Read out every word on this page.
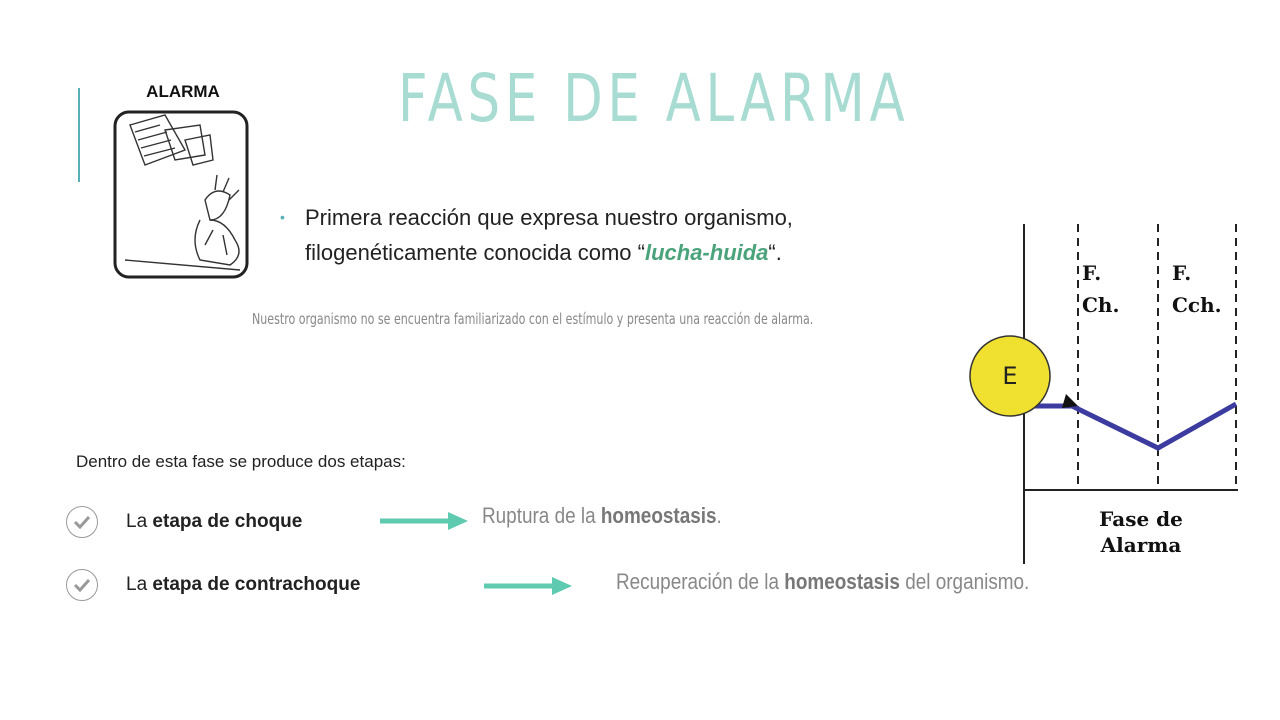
ALARMA	FASE DE ALARMA
• Primera reacción que expresa nuestro organismo, filogenéticamente conocida como “lucha-huida“.
Nuestro organismo no se encuentra familiarizado con el estímulo y presenta una reacción de alarma.
Dentro de esta fase se produce dos etapas:
La etapa de choque	Ruptura de la homeostasis.
La etapa de contrachoque	Recuperación de la homeostasis del organismo.
F.
Ch.
F.
Cch.
E
Fase de
Alarma
